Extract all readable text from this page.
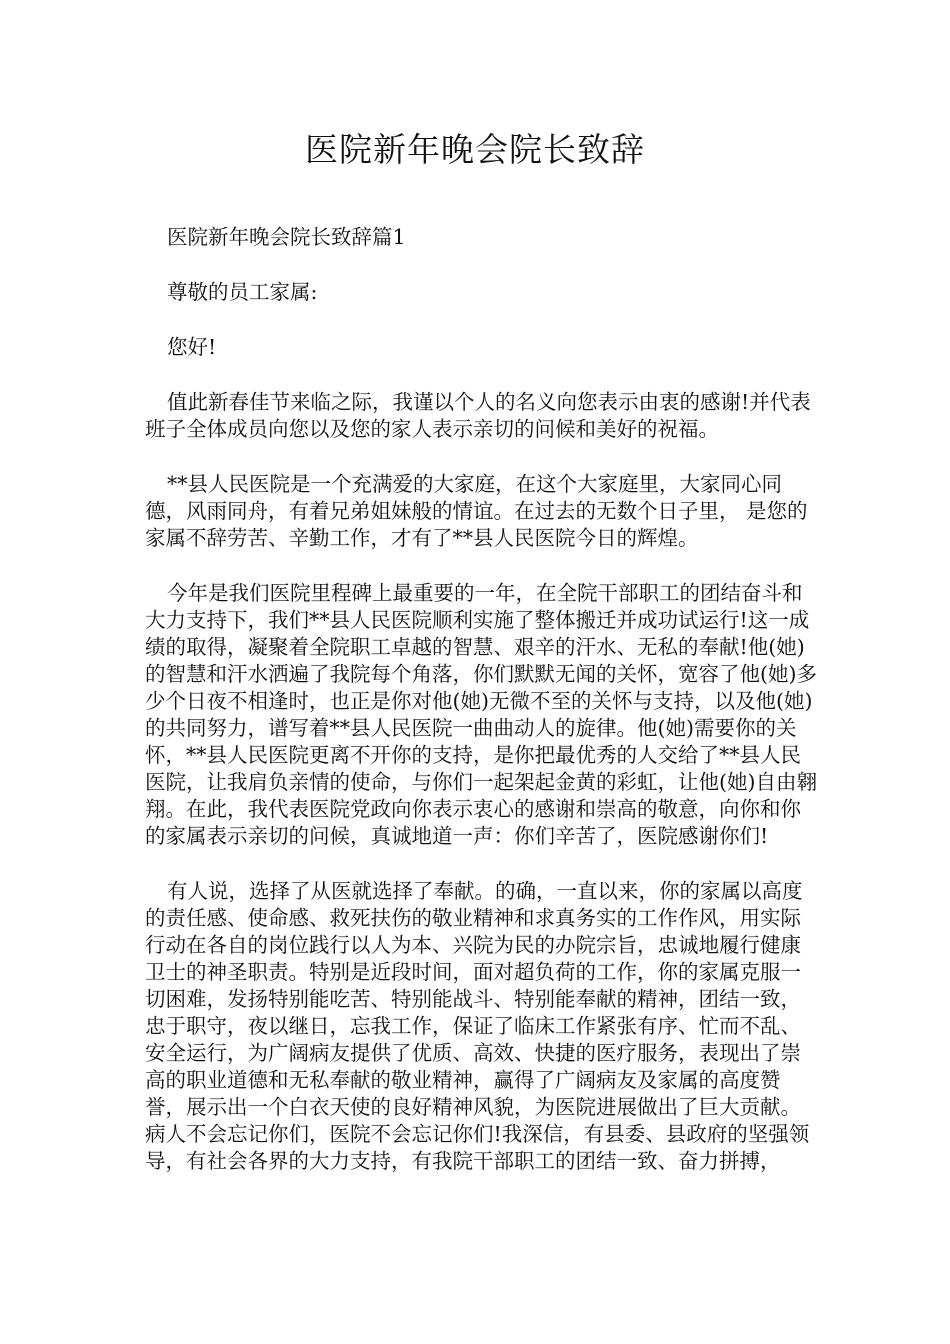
医院新年晚会院长致辞

医院新年晚会院长致辞篇1

尊敬的员工家属:

您好!

值此新春佳节来临之际，我谨以个人的名义向您表示由衷的感谢!并代表班子全体成员向您以及您的家人表示亲切的问候和美好的祝福。

**县人民医院是一个充满爱的大家庭，在这个大家庭里，大家同心同德，风雨同舟，有着兄弟姐妹般的情谊。在过去的无数个日子里， 是您的家属不辞劳苦、辛勤工作，才有了**县人民医院今日的辉煌。

今年是我们医院里程碑上最重要的一年，在全院干部职工的团结奋斗和大力支持下，我们**县人民医院顺利实施了整体搬迁并成功试运行!这一成绩的取得，凝聚着全院职工卓越的智慧、艰辛的汗水、无私的奉献!他(她)的智慧和汗水洒遍了我院每个角落，你们默默无闻的关怀，宽容了他(她)多少个日夜不相逢时，也正是你对他(她)无微不至的关怀与支持，以及他(她)的共同努力，谱写着**县人民医院一曲曲动人的旋律。他(她)需要你的关怀，**县人民医院更离不开你的支持，是你把最优秀的人交给了**县人民医院，让我肩负亲情的使命，与你们一起架起金黄的彩虹，让他(她)自由翱翔。在此，我代表医院党政向你表示衷心的感谢和崇高的敬意，向你和你的家属表示亲切的问候，真诚地道一声：你们辛苦了，医院感谢你们!

有人说，选择了从医就选择了奉献。的确，一直以来，你的家属以高度的责任感、使命感、救死扶伤的敬业精神和求真务实的工作作风，用实际行动在各自的岗位践行以人为本、兴院为民的办院宗旨，忠诚地履行健康卫士的神圣职责。特别是近段时间，面对超负荷的工作，你的家属克服一切困难，发扬特别能吃苦、特别能战斗、特别能奉献的精神，团结一致，忠于职守，夜以继日，忘我工作，保证了临床工作紧张有序、忙而不乱、安全运行，为广阔病友提供了优质、高效、快捷的医疗服务，表现出了崇高的职业道德和无私奉献的敬业精神，赢得了广阔病友及家属的高度赞誉，展示出一个白衣天使的良好精神风貌，为医院进展做出了巨大贡献。病人不会忘记你们，医院不会忘记你们!我深信，有县委、县政府的坚强领导，有社会各界的大力支持，有我院干部职工的团结一致、奋力拼搏，
